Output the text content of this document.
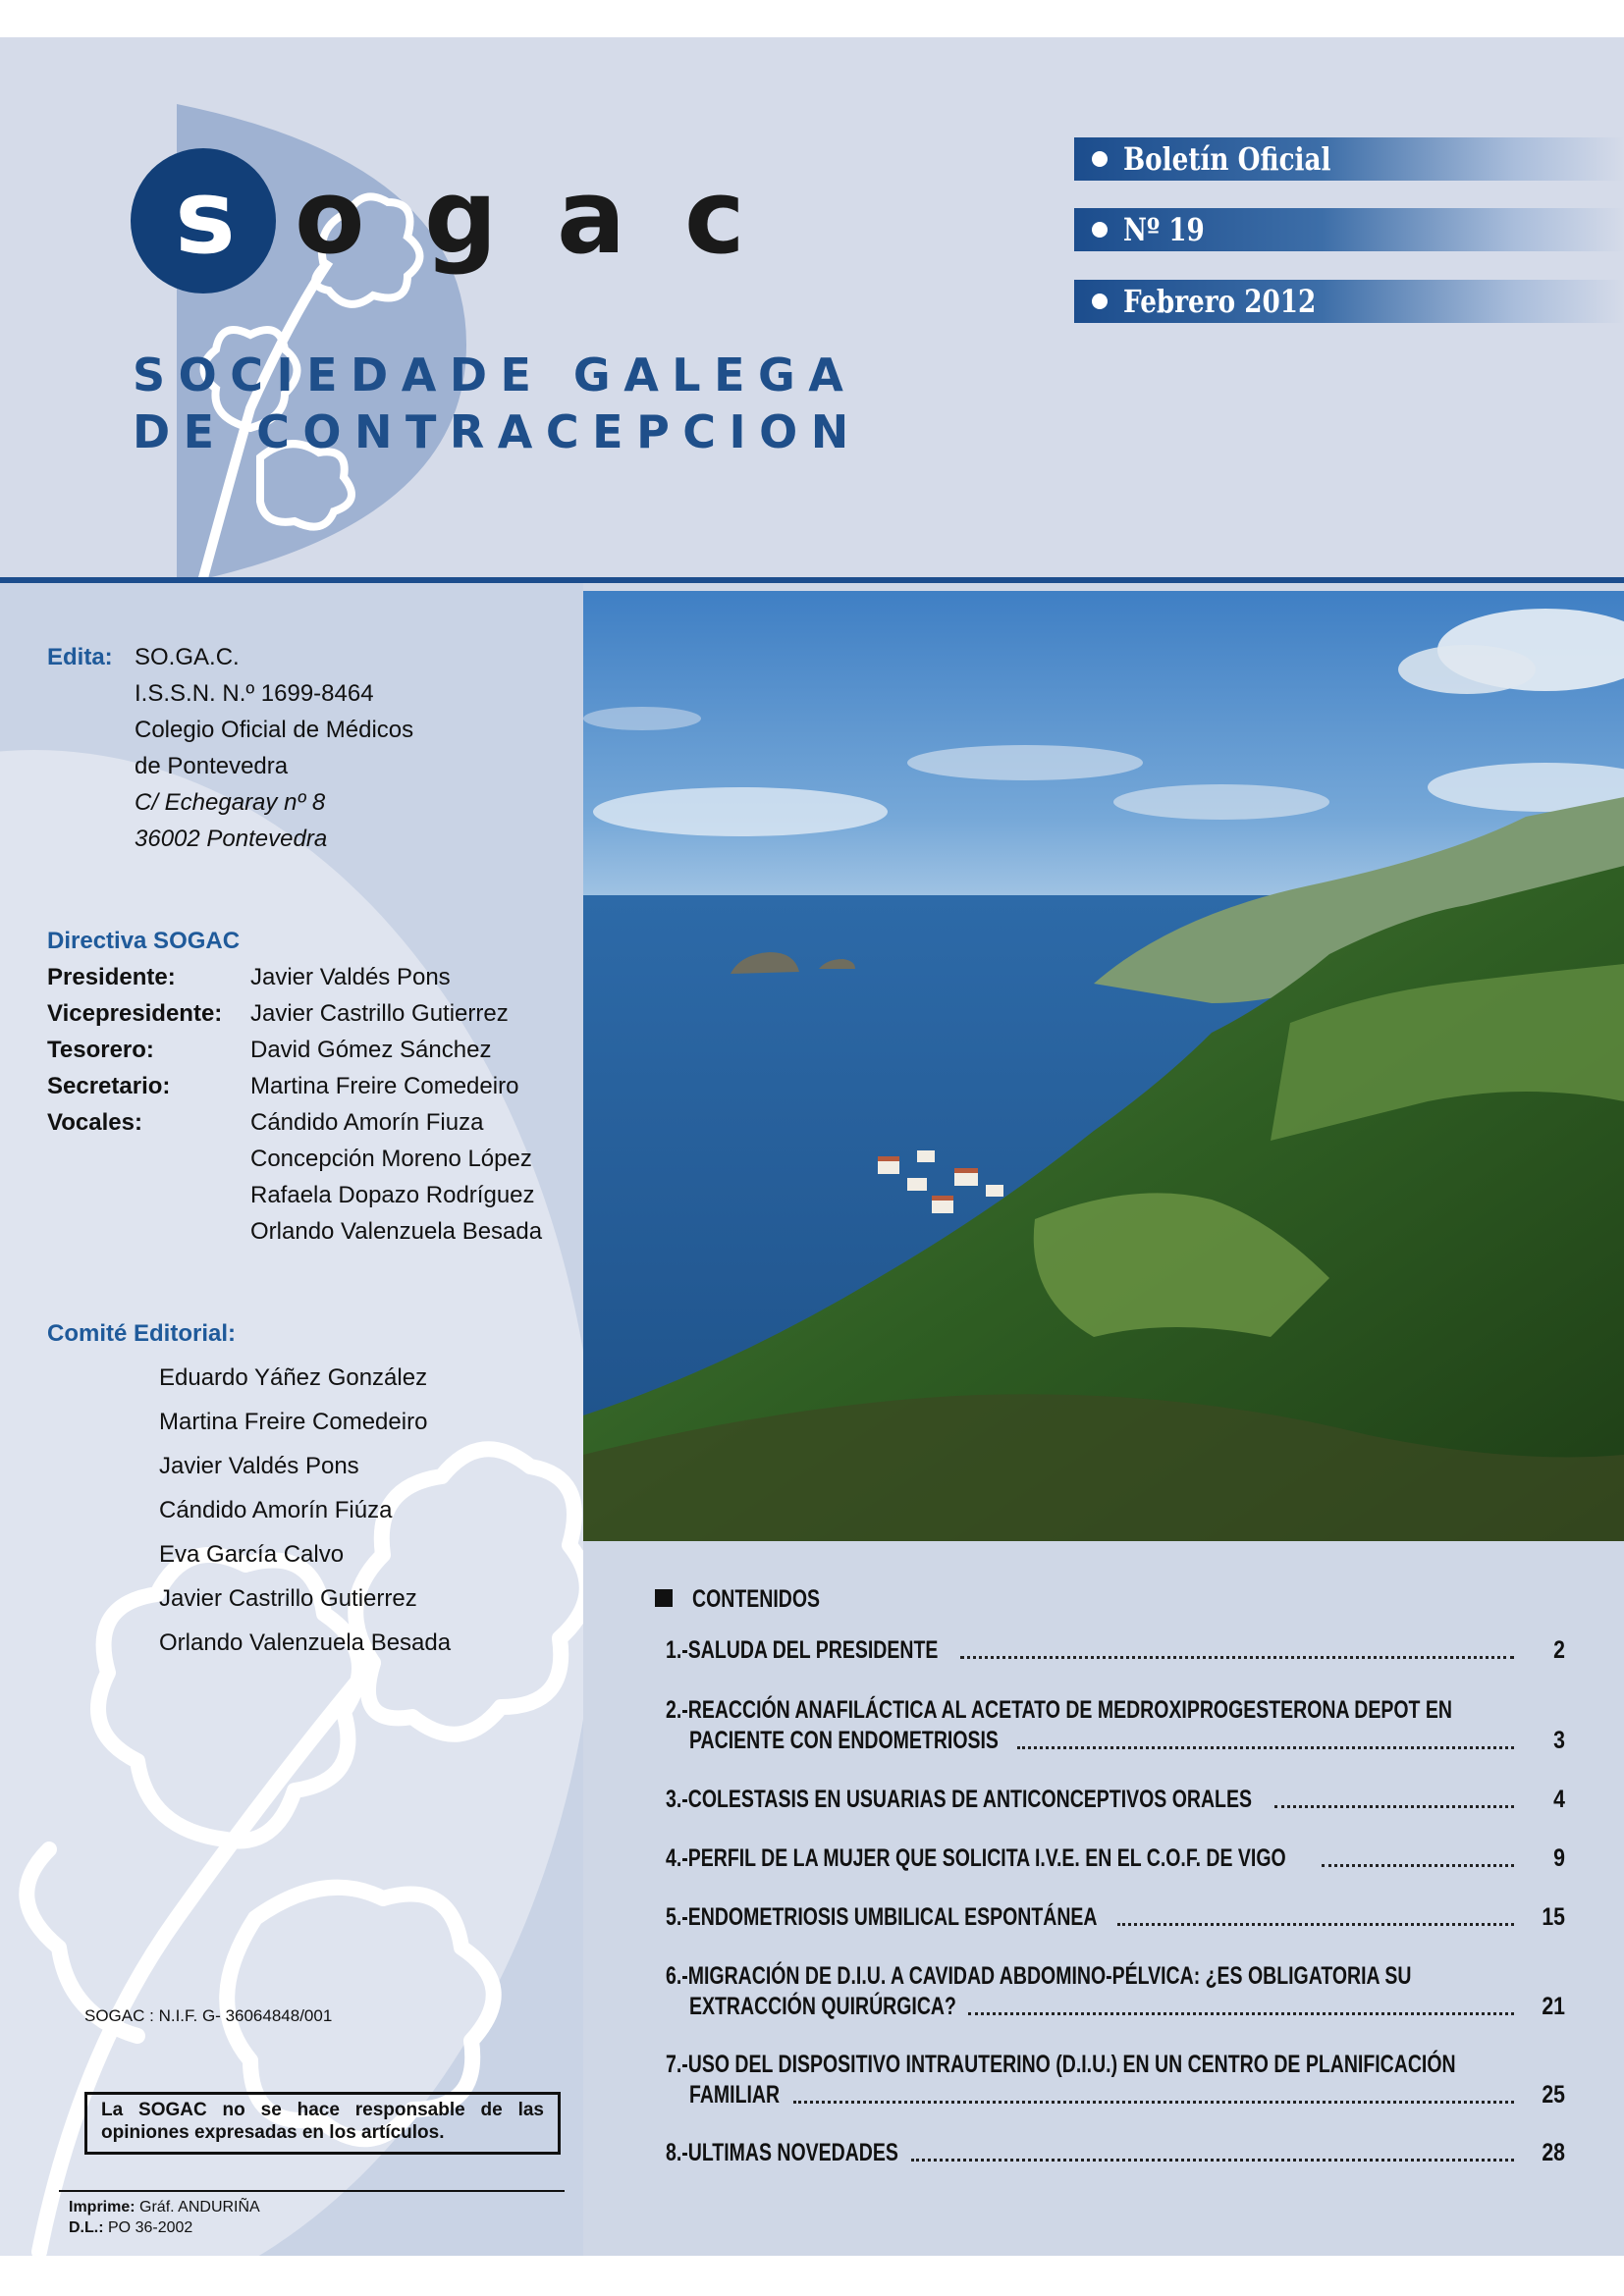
s o g a c
SOCIEDADE GALEGA
DE CONTRACEPCION
Boletín Oficial
Nº 19
Febrero 2012
Edita: SO.GA.C.
I.S.S.N. N.º 1699-8464
Colegio Oficial de Médicos
de Pontevedra
C/ Echegaray nº 8
36002 Pontevedra
Directiva SOGAC
Presidente:	Javier Valdés Pons
Vicepresidente: Javier Castrillo Gutierrez
Tesorero:	David Gómez Sánchez
Secretario:	Martina Freire Comedeiro
Vocales:	Cándido Amorín Fiuza
Concepción Moreno López
Rafaela Dopazo Rodríguez
Orlando Valenzuela Besada
Comité Editorial:
Eduardo Yáñez González
Martina Freire Comedeiro
Javier Valdés Pons
Cándido Amorín Fiúza
Eva García Calvo
Javier Castrillo Gutierrez
Orlando Valenzuela Besada
CONTENIDOS
1.-SALUDA DEL PRESIDENTE	2
2.-REACCIÓN ANAFILÁCTICA AL ACETATO DE MEDROXIPROGESTERONA DEPOT EN
PACIENTE CON ENDOMETRIOSIS	3
3.-COLESTASIS EN USUARIAS DE ANTICONCEPTIVOS ORALES	4
4.-PERFIL DE LA MUJER QUE SOLICITA I.V.E. EN EL C.O.F. DE VIGO	9
5.-ENDOMETRIOSIS UMBILICAL ESPONTÁNEA	15
6.-MIGRACIÓN DE D.I.U. A CAVIDAD ABDOMINO-PÉLVICA: ¿ES OBLIGATORIA SU
EXTRACCIÓN QUIRÚRGICA?	21
7.-USO DEL DISPOSITIVO INTRAUTERINO (D.I.U.) EN UN CENTRO DE PLANIFICACIÓN
FAMILIAR	25
8.-ULTIMAS NOVEDADES	28
SOGAC : N.I.F. G- 36064848/001
La SOGAC no se hace responsable de las opiniones expresadas en los artículos.
Imprime: Gráf. ANDURIÑA
D.L.: PO 36-2002
